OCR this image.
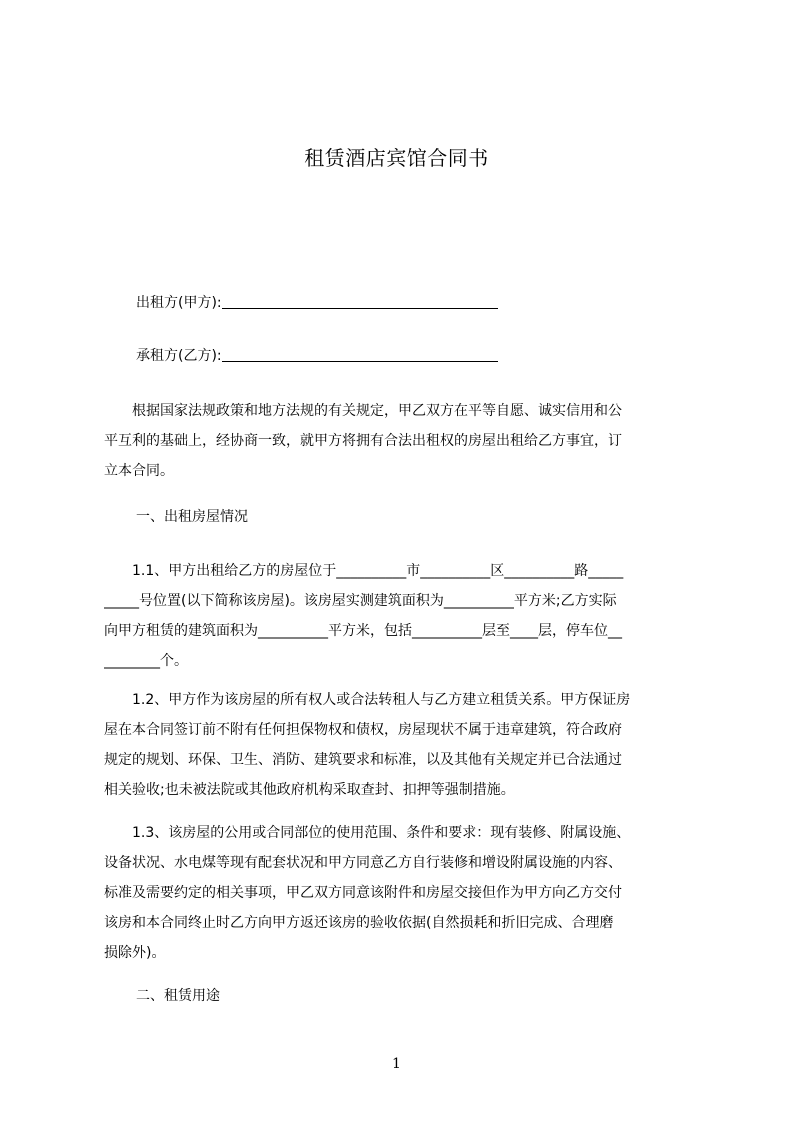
租赁酒店宾馆合同书
出租方(甲方):
承租方(乙方):
　　根据国家法规政策和地方法规的有关规定，甲乙双方在平等自愿、诚实信用和公
平互利的基础上，经协商一致，就甲方将拥有合法出租权的房屋出租给乙方事宜，订
立本合同。
一、出租房屋情况
　　1.1、甲方出租给乙方的房屋位于__________市__________区__________路_____
_____号位置(以下简称该房屋)。该房屋实测建筑面积为__________平方米;乙方实际
向甲方租赁的建筑面积为__________平方米，包括__________层至____层，停车位__
________个。
　　1.2、甲方作为该房屋的所有权人或合法转租人与乙方建立租赁关系。甲方保证房
屋在本合同签订前不附有任何担保物权和债权，房屋现状不属于违章建筑，符合政府
规定的规划、环保、卫生、消防、建筑要求和标准，以及其他有关规定并已合法通过
相关验收;也未被法院或其他政府机构采取查封、扣押等强制措施。
　　1.3、该房屋的公用或合同部位的使用范围、条件和要求：现有装修、附属设施、
设备状况、水电煤等现有配套状况和甲方同意乙方自行装修和增设附属设施的内容、
标准及需要约定的相关事项，甲乙双方同意该附件和房屋交接但作为甲方向乙方交付
该房和本合同终止时乙方向甲方返还该房的验收依据(自然损耗和折旧完成、合理磨
损除外)。
二、租赁用途
1
